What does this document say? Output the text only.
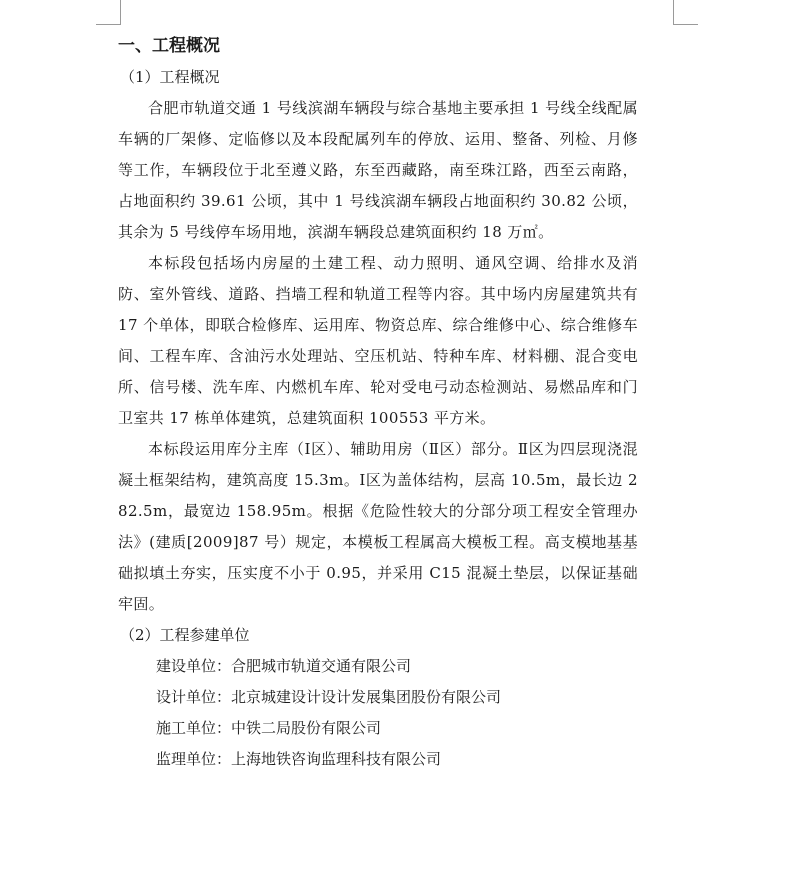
一、工程概况
（1）工程概况

合肥市轨道交通 1 号线滨湖车辆段与综合基地主要承担 1 号线全线配属车辆的厂架修、定临修以及本段配属列车的停放、运用、整备、列检、月修等工作，车辆段位于北至遵义路，东至西藏路，南至珠江路，西至云南路，占地面积约 39.61 公顷，其中 1 号线滨湖车辆段占地面积约 30.82 公顷，其余为 5 号线停车场用地，滨湖车辆段总建筑面积约 18 万㎡。

本标段包括场内房屋的土建工程、动力照明、通风空调、给排水及消防、室外管线、道路、挡墙工程和轨道工程等内容。其中场内房屋建筑共有 17 个单体，即联合检修库、运用库、物资总库、综合维修中心、综合维修车间、工程车库、含油污水处理站、空压机站、特种车库、材料棚、混合变电所、信号楼、洗车库、内燃机车库、轮对受电弓动态检测站、易燃品库和门卫室共 17 栋单体建筑，总建筑面积 100553 平方米。

本标段运用库分主库（Ⅰ区）、辅助用房（Ⅱ区）部分。Ⅱ区为四层现浇混凝土框架结构，建筑高度 15.3m。Ⅰ区为盖体结构，层高 10.5m，最长边 282.5m，最宽边 158.95m。根据《危险性较大的分部分项工程安全管理办法》(建质[2009]87 号）规定，本模板工程属高大模板工程。高支模地基基础拟填土夯实，压实度不小于 0.95，并采用 C15 混凝土垫层，以保证基础牢固。

（2）工程参建单位
建设单位：合肥城市轨道交通有限公司
设计单位：北京城建设计设计发展集团股份有限公司
施工单位：中铁二局股份有限公司
监理单位：上海地铁咨询监理科技有限公司
